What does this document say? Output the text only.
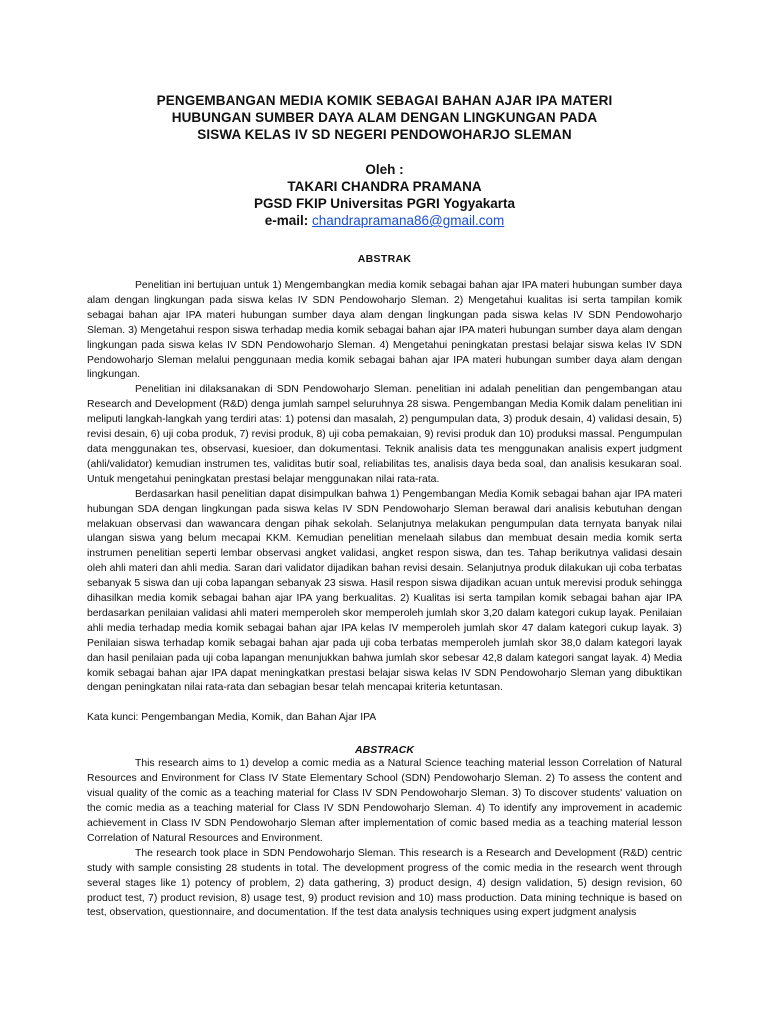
PENGEMBANGAN MEDIA KOMIK SEBAGAI BAHAN AJAR IPA MATERI
HUBUNGAN SUMBER DAYA ALAM DENGAN LINGKUNGAN PADA
SISWA KELAS IV SD NEGERI PENDOWOHARJO SLEMAN
Oleh :
TAKARI CHANDRA PRAMANA
PGSD FKIP Universitas PGRI Yogyakarta
e-mail: chandrapramana86@gmail.com
ABSTRAK

Penelitian ini bertujuan untuk 1) Mengembangkan media komik sebagai bahan ajar IPA materi hubungan sumber daya alam dengan lingkungan pada siswa kelas IV SDN Pendowoharjo Sleman. 2) Mengetahui kualitas isi serta tampilan komik sebagai bahan ajar IPA materi hubungan sumber daya alam dengan lingkungan pada siswa kelas IV SDN Pendowoharjo Sleman. 3) Mengetahui respon siswa terhadap media komik sebagai bahan ajar IPA materi hubungan sumber daya alam dengan lingkungan pada siswa kelas IV SDN Pendowoharjo Sleman. 4) Mengetahui peningkatan prestasi belajar siswa kelas IV SDN Pendowoharjo Sleman melalui penggunaan media komik sebagai bahan ajar IPA materi hubungan sumber daya alam dengan lingkungan.

Penelitian ini dilaksanakan di SDN Pendowoharjo Sleman. penelitian ini adalah penelitian dan pengembangan atau Research and Development (R&D) denga jumlah sampel seluruhnya 28 siswa. Pengembangan Media Komik dalam penelitian ini meliputi langkah-langkah yang terdiri atas: 1) potensi dan masalah, 2) pengumpulan data, 3) produk desain, 4) validasi desain, 5) revisi desain, 6) uji coba produk, 7) revisi produk, 8) uji coba pemakaian, 9) revisi produk dan 10) produksi massal. Pengumpulan data menggunakan tes, observasi, kuesioer, dan dokumentasi. Teknik analisis data tes menggunakan analisis expert judgment (ahli/validator) kemudian instrumen tes, validitas butir soal, reliabilitas tes, analisis daya beda soal, dan analisis kesukaran soal. Untuk mengetahui peningkatan prestasi belajar menggunakan nilai rata-rata.

Berdasarkan hasil penelitian dapat disimpulkan bahwa 1) Pengembangan Media Komik sebagai bahan ajar IPA materi hubungan SDA dengan lingkungan pada siswa kelas IV SDN Pendowoharjo Sleman berawal dari analisis kebutuhan dengan melakuan observasi dan wawancara dengan pihak sekolah. Selanjutnya melakukan pengumpulan data ternyata banyak nilai ulangan siswa yang belum mecapai KKM. Kemudian penelitian menelaah silabus dan membuat desain media komik serta instrumen penelitian seperti lembar observasi angket validasi, angket respon siswa, dan tes. Tahap berikutnya validasi desain oleh ahli materi dan ahli media. Saran dari validator dijadikan bahan revisi desain. Selanjutnya produk dilakukan uji coba terbatas sebanyak 5 siswa dan uji coba lapangan sebanyak 23 siswa. Hasil respon siswa dijadikan acuan untuk merevisi produk sehingga dihasilkan media komik sebagai bahan ajar IPA yang berkualitas. 2) Kualitas isi serta tampilan komik sebagai bahan ajar IPA berdasarkan penilaian validasi ahli materi memperoleh skor memperoleh jumlah skor 3,20 dalam kategori cukup layak. Penilaian ahli media terhadap media komik sebagai bahan ajar IPA kelas IV memperoleh jumlah skor 47 dalam kategori cukup layak. 3) Penilaian siswa terhadap komik sebagai bahan ajar pada uji coba terbatas memperoleh jumlah skor 38,0 dalam kategori layak dan hasil penilaian pada uji coba lapangan menunjukkan bahwa jumlah skor sebesar 42,8 dalam kategori sangat layak. 4) Media komik sebagai bahan ajar IPA dapat meningkatkan prestasi belajar siswa kelas IV SDN Pendowoharjo Sleman yang dibuktikan dengan peningkatan nilai rata-rata dan sebagian besar telah mencapai kriteria ketuntasan.

Kata kunci: Pengembangan Media, Komik, dan Bahan Ajar IPA
ABSTRACK

This research aims to 1) develop a comic media as a Natural Science teaching material lesson Correlation of Natural Resources and Environment for Class IV State Elementary School (SDN) Pendowoharjo Sleman. 2) To assess the content and visual quality of the comic as a teaching material for Class IV SDN Pendowoharjo Sleman. 3) To discover students' valuation on the comic media as a teaching material for Class IV SDN Pendowoharjo Sleman. 4) To identify any improvement in academic achievement in Class IV SDN Pendowoharjo Sleman after implementation of comic based media as a teaching material lesson Correlation of Natural Resources and Environment.

The research took place in SDN Pendowoharjo Sleman. This research is a Research and Development (R&D) centric study with sample consisting 28 students in total. The development progress of the comic media in the research went through several stages like 1) potency of problem, 2) data gathering, 3) product design, 4) design validation, 5) design revision, 60 product test, 7) product revision, 8) usage test, 9) product revision and 10) mass production. Data mining technique is based on test, observation, questionnaire, and documentation. If the test data analysis techniques using expert judgment analysis
